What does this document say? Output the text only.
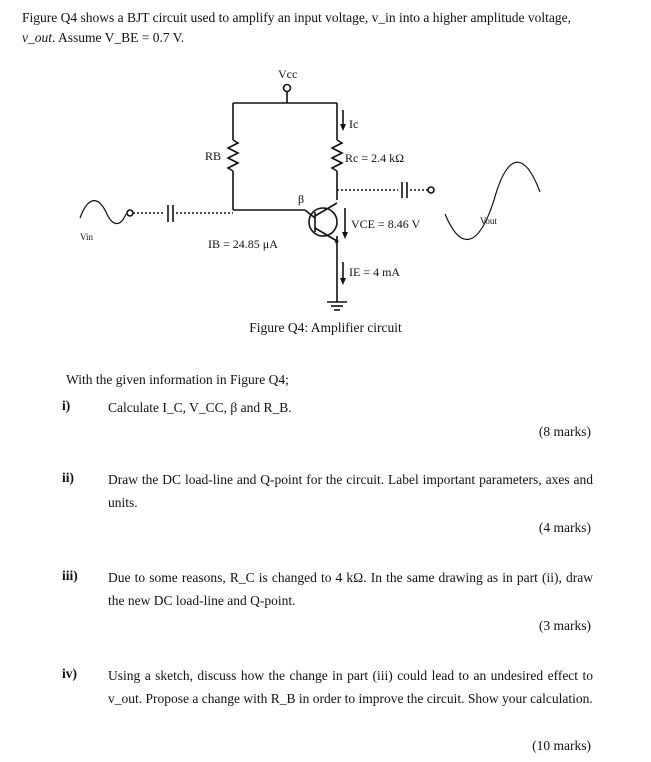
Figure Q4 shows a BJT circuit used to amplify an input voltage, v_in into a higher amplitude voltage,
v_out. Assume V_BE = 0.7 V.
Vcc
Ic
RB	Rc = 2.4 kΩ
β
VCE = 8.46 V
Vin
Vout
IB = 24.85 μA
IE = 4 mA
Figure Q4: Amplifier circuit
With the given information in Figure Q4;
i)	Calculate I_C, V_CC, β and R_B.
(8 marks)
ii)	Draw the DC load-line and Q-point for the circuit. Label important parameters, axes and units.
(4 marks)
iii) Due to some reasons, R_C is changed to 4 kΩ. In the same drawing as in part (ii), draw the new DC load-line and Q-point.
(3 marks)
iv) Using a sketch, discuss how the change in part (iii) could lead to an undesired effect to v_out. Propose a change with R_B in order to improve the circuit. Show your calculation.
(10 marks)
